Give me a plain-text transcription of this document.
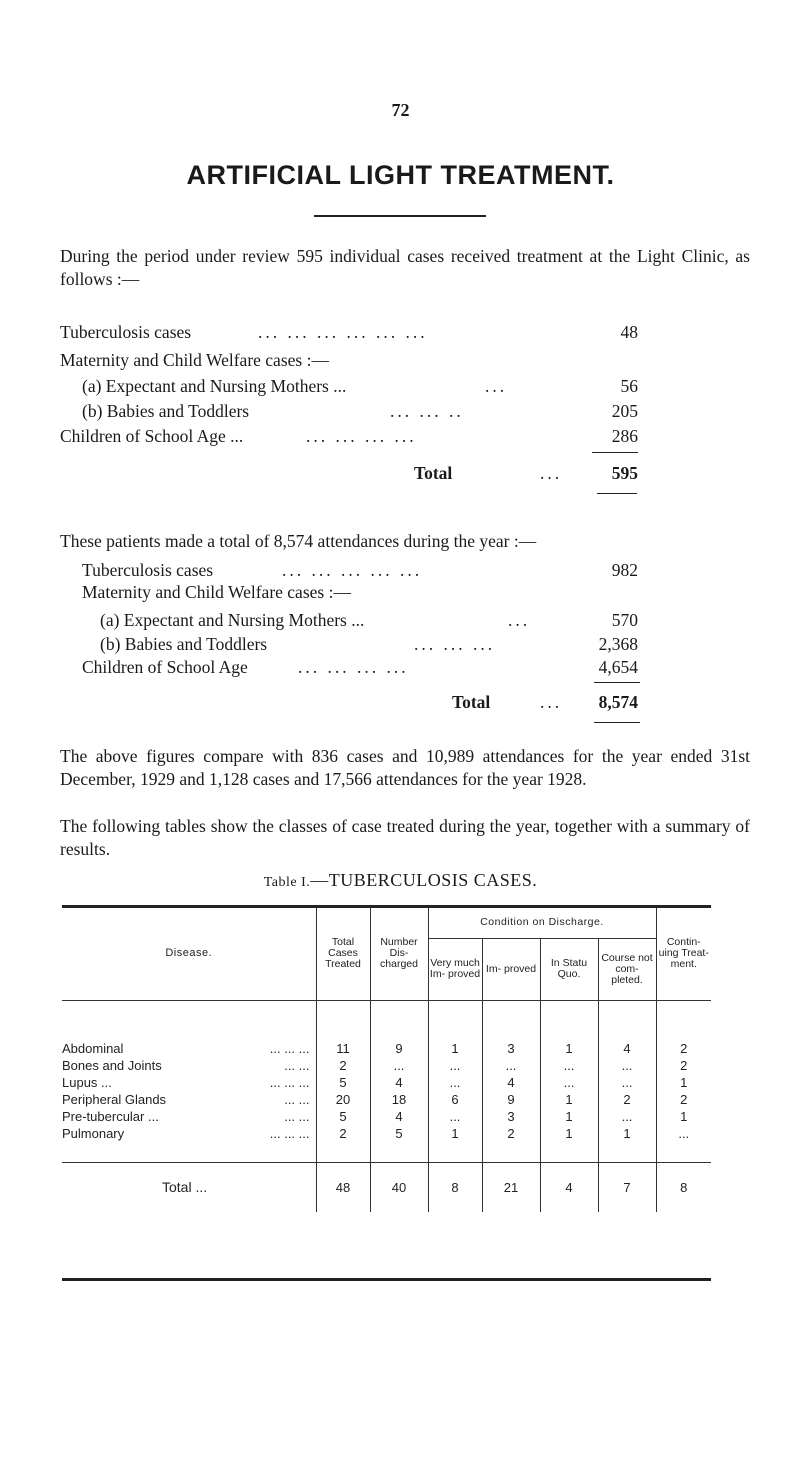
72
ARTIFICIAL LIGHT TREATMENT.
During the period under review 595 individual cases received treatment at the Light Clinic, as follows :—
Tuberculosis cases	... ... ... ... ... ...	48
Maternity and Child Welfare cases :—
(a) Expectant and Nursing Mothers ...	...	56
(b) Babies and Toddlers	... ... ..	205
Children of School Age ...	... ... ... ...	286
Total	...	595
These patients made a total of 8,574 attendances during the year :—
Tuberculosis cases	... ... ... ... ...	982
Maternity and Child Welfare cases :—
(a) Expectant and Nursing Mothers ...	...	570
(b) Babies and Toddlers	... ... ...	2,368
Children of School Age	... ... ... ...	4,654
Total	...	8,574
The above figures compare with 836 cases and 10,989 attendances for the year ended 31st December, 1929 and 1,128 cases and 17,566 attendances for the year 1928.
The following tables show the classes of case treated during the year, together with a summary of results.
Table I.—TUBERCULOSIS CASES.
Disease.	Total Cases Treated	Number Dis- charged	Condition on Discharge.				Contin- uing Treat- ment.
			Very much Im- proved	Im- proved	In Statu Quo.	Course not com- pleted.	

Abdominal ... ... ...	11	9	1	3	1	4	2
Bones and Joints ... ...	2	...	...	...	...	...	2
Lupus ... ... ... ...	5	4	...	4	...	...	1
Peripheral Glands ... ...	20	18	6	9	1	2	2
Pre-tubercular ... ... ...	5	4	...	3	1	...	1
Pulmonary ... ... ...	2	5	1	2	1	1	...

Total ...	48	40	8	21	4	7	8
